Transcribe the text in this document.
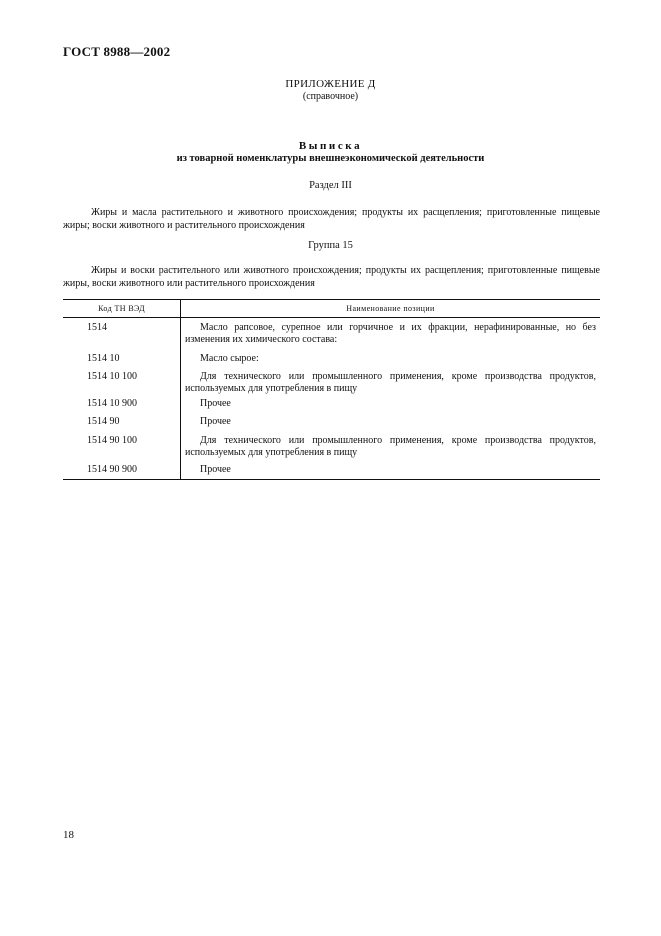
ГОСТ 8988—2002
ПРИЛОЖЕНИЕ Д
(справочное)
Выписка
из товарной номенклатуры внешнеэкономической деятельности
Раздел III
Жиры и масла растительного и животного происхождения; продукты их расщепления; приготовленные пищевые жиры; воски животного и растительного происхождения
Группа 15
Жиры и воски растительного или животного происхождения; продукты их расщепления; приготовленные пищевые жиры, воски животного или растительного происхождения
Код ТН ВЭД	Наименование позиции
1514	Масло рапсовое, сурепное или горчичное и их фракции, нерафинированные, но без изменения их химического состава:
1514 10	Масло сырое:
1514 10 100	Для технического или промышленного применения, кроме производства продуктов, используемых для употребления в пищу
1514 10 900	Прочее
1514 90	Прочее
1514 90 100	Для технического или промышленного применения, кроме производства продуктов, используемых для употребления в пищу
1514 90 900	Прочее
18
